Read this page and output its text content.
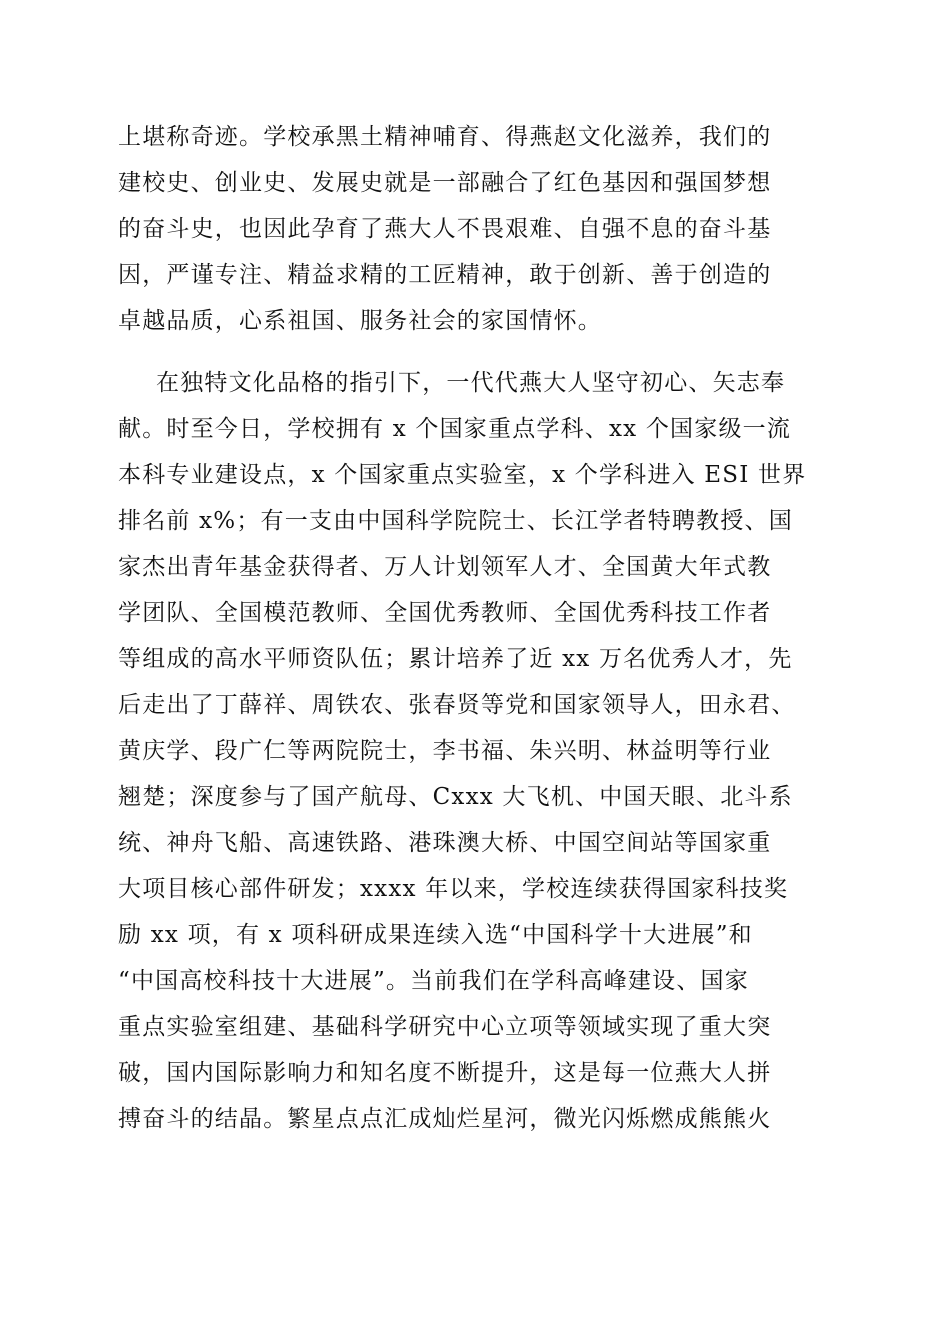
上堪称奇迹。学校承黑土精神哺育、得燕赵文化滋养，我们的
建校史、创业史、发展史就是一部融合了红色基因和强国梦想
的奋斗史，也因此孕育了燕大人不畏艰难、自强不息的奋斗基
因，严谨专注、精益求精的工匠精神，敢于创新、善于创造的
卓越品质，心系祖国、服务社会的家国情怀。
在独特文化品格的指引下，一代代燕大人坚守初心、矢志奉
献。时至今日，学校拥有 x 个国家重点学科、xx 个国家级一流
本科专业建设点，x 个国家重点实验室，x 个学科进入 ESI 世界
排名前 x%；有一支由中国科学院院士、长江学者特聘教授、国
家杰出青年基金获得者、万人计划领军人才、全国黄大年式教
学团队、全国模范教师、全国优秀教师、全国优秀科技工作者
等组成的高水平师资队伍；累计培养了近 xx 万名优秀人才，先
后走出了丁薛祥、周铁农、张春贤等党和国家领导人，田永君、
黄庆学、段广仁等两院院士，李书福、朱兴明、林益明等行业
翘楚；深度参与了国产航母、Cxxx 大飞机、中国天眼、北斗系
统、神舟飞船、高速铁路、港珠澳大桥、中国空间站等国家重
大项目核心部件研发；xxxx 年以来，学校连续获得国家科技奖
励 xx 项，有 x 项科研成果连续入选“中国科学十大进展”和
“中国高校科技十大进展”。当前我们在学科高峰建设、国家
重点实验室组建、基础科学研究中心立项等领域实现了重大突
破，国内国际影响力和知名度不断提升，这是每一位燕大人拼
搏奋斗的结晶。繁星点点汇成灿烂星河，微光闪烁燃成熊熊火
